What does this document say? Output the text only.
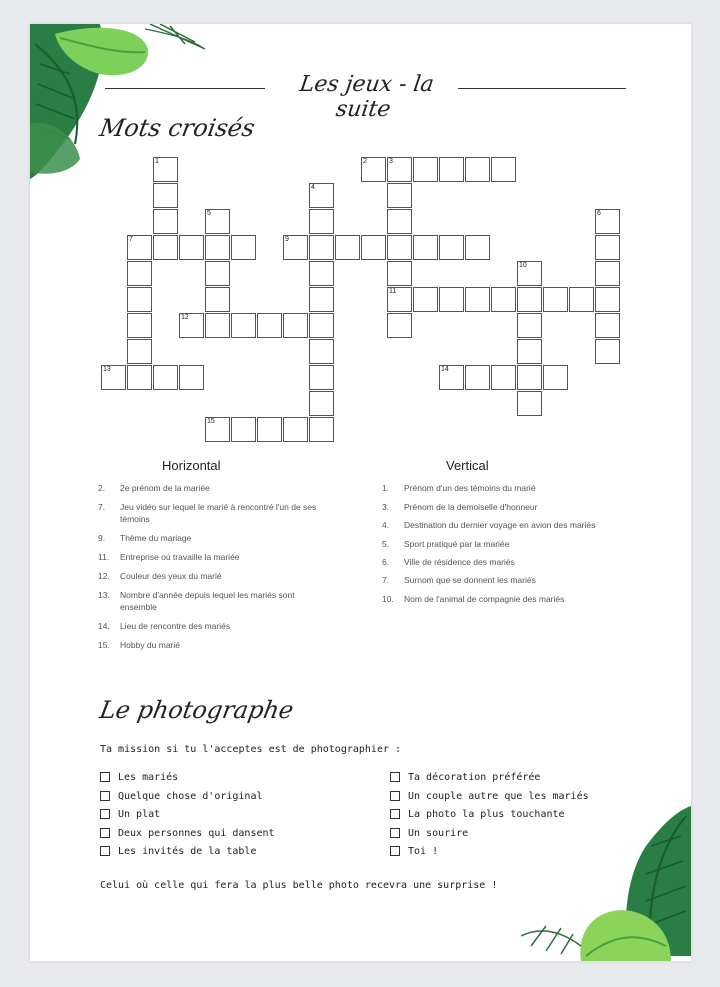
Les jeux - la suite
Mots croisés
1	2	3
4
5	6
7	9
10
11
12
13	14
15
Horizontal	Vertical
2.	2e prénom de la mariée
7.	Jeu vidéo sur lequel le marié à rencontré l'un de ses
témoins
9.	Thème du mariage
11.	Entreprise où travaille la mariée
12.	Couleur des yeux du marié
13.	Nombre d'année depuis lequel les mariés sont
ensemble
14.	Lieu de rencontre des mariés
15.	Hobby du marié
1.	Prénom d'un des témoins du marié
3.	Prénom de la demoiselle d'honneur
4.	Destination du dernier voyage en avion des mariés
5.	Sport pratiqué par la mariée
6.	Ville de résidence des mariés
7.	Surnom que se donnent les mariés
10.	Nom de l'animal de compagnie des mariés
Le photographe
Ta mission si tu l'acceptes est de photographier :
Les mariés
Quelque chose d'original
Un plat
Deux personnes qui dansent
Les invités de la table
Ta décoration préférée
Un couple autre que les mariés
La photo la plus touchante
Un sourire
Toi !
Celui où celle qui fera la plus belle photo recevra une surprise !
